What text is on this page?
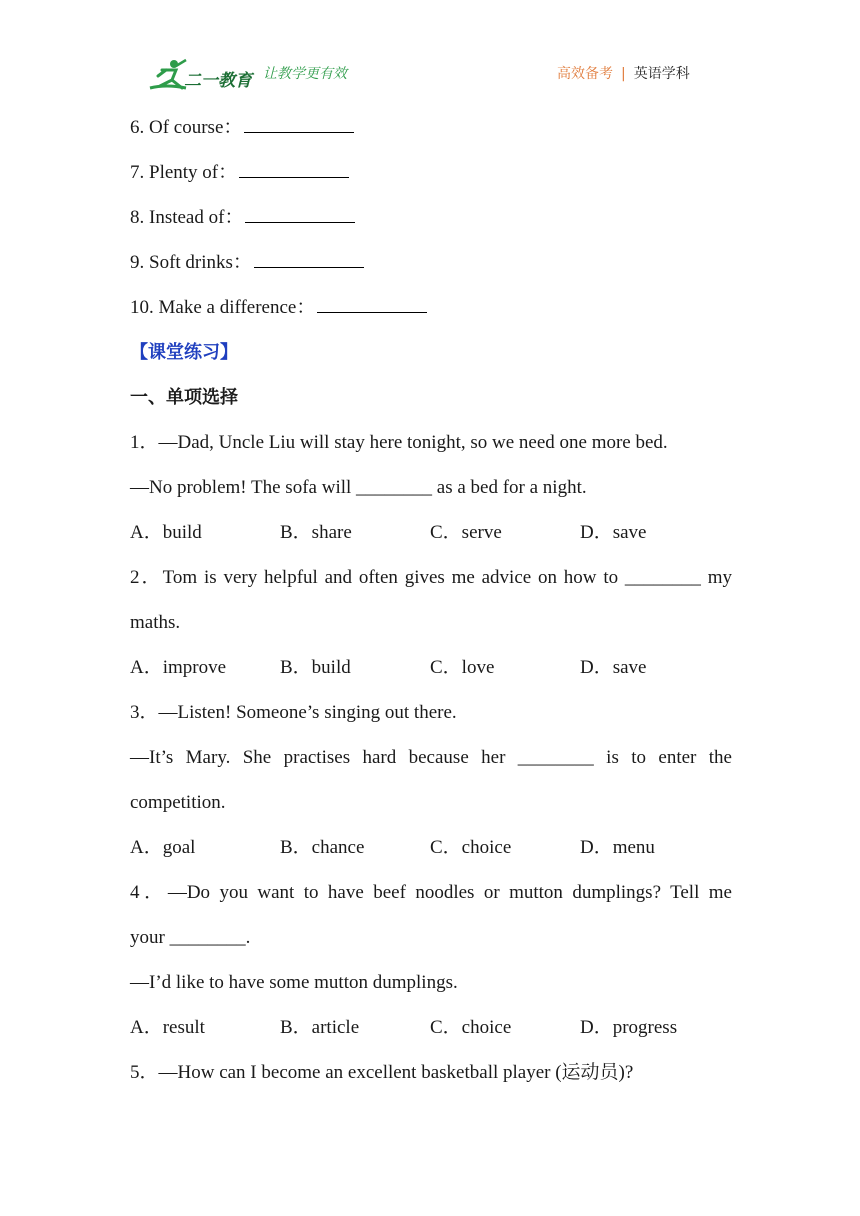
二一教育 让教学更有效	高效备考 | 英语学科
6. Of course：
7. Plenty of：
8. Instead of：
9. Soft drinks：
10. Make a difference：
【课堂练习】
一、单项选择
1．—Dad, Uncle Liu will stay here tonight, so we need one more bed.
—No problem! The sofa will ________ as a bed for a night.
A．build	B．share	C．serve	D．save
2．Tom is very helpful and often gives me advice on how to ________ my
maths.
A．improve	B．build	C．love	D．save
3．—Listen! Someone’s singing out there.
—It’s Mary. She practises hard because her ________ is to enter the
competition.
A．goal	B．chance	C．choice	D．menu
4．—Do you want to have beef noodles or mutton dumplings? Tell me
your ________.
—I’d like to have some mutton dumplings.
A．result	B．article	C．choice	D．progress
5．—How can I become an excellent basketball player (运动员)?
